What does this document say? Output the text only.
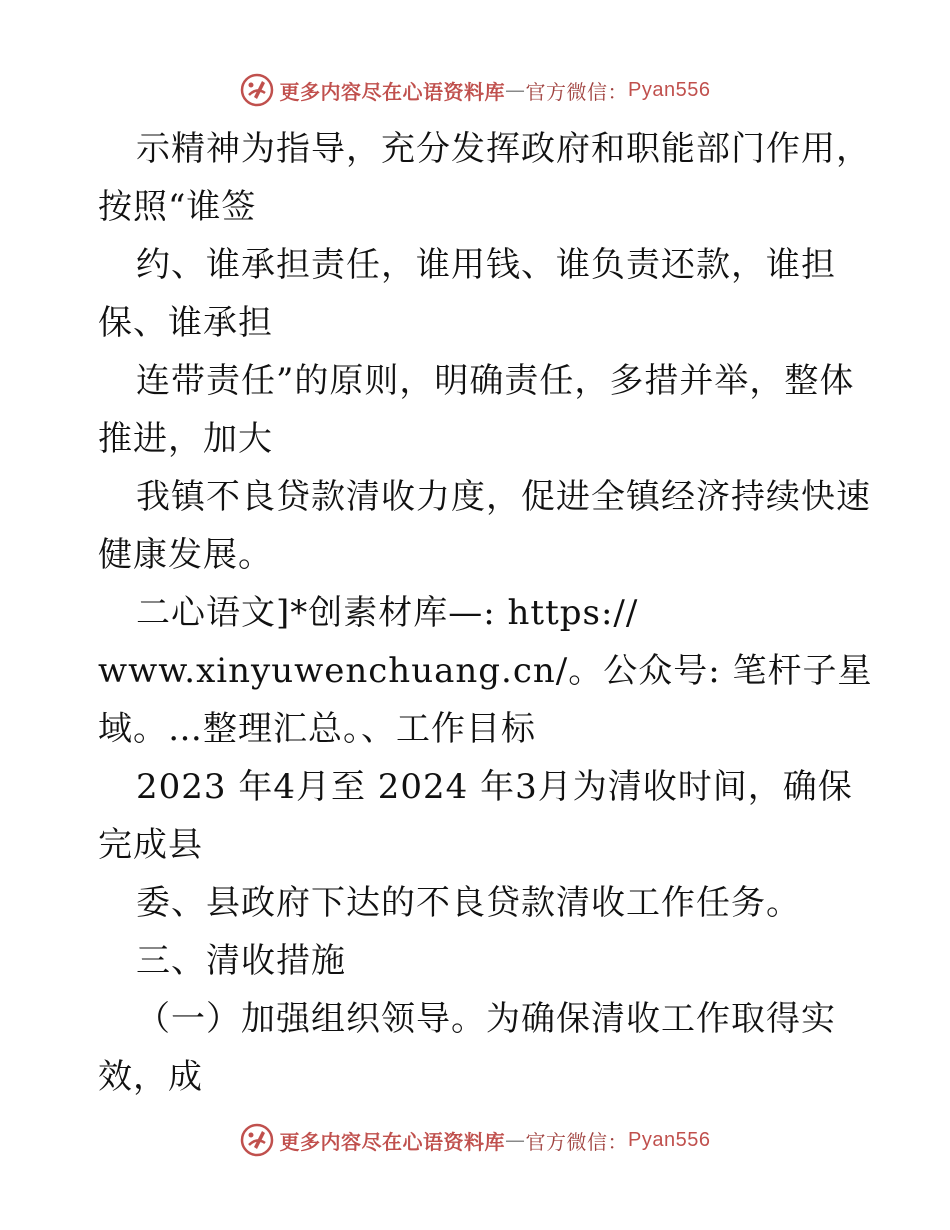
更多内容尽在心语资料库 — 官方微信： Pyan556
示精神为指导，充分发挥政府和职能部门作用，
按照“谁签
约、谁承担责任，谁用钱、谁负责还款，谁担
保、谁承担
连带责任”的原则，明确责任，多措并举，整体
推进，加大
我镇不良贷款清收力度，促进全镇经济持续快速
健康发展。
二心语文]*创素材库—: https://
www.xinyuwenchuang.cn/。公众号: 笔杆子星
域。…整理汇总。、工作目标
2023 年4月至 2024 年3月为清收时间，确保
完成县
委、县政府下达的不良贷款清收工作任务。
三、清收措施
（一）加强组织领导。为确保清收工作取得实
效，成
更多内容尽在心语资料库 — 官方微信： Pyan556
